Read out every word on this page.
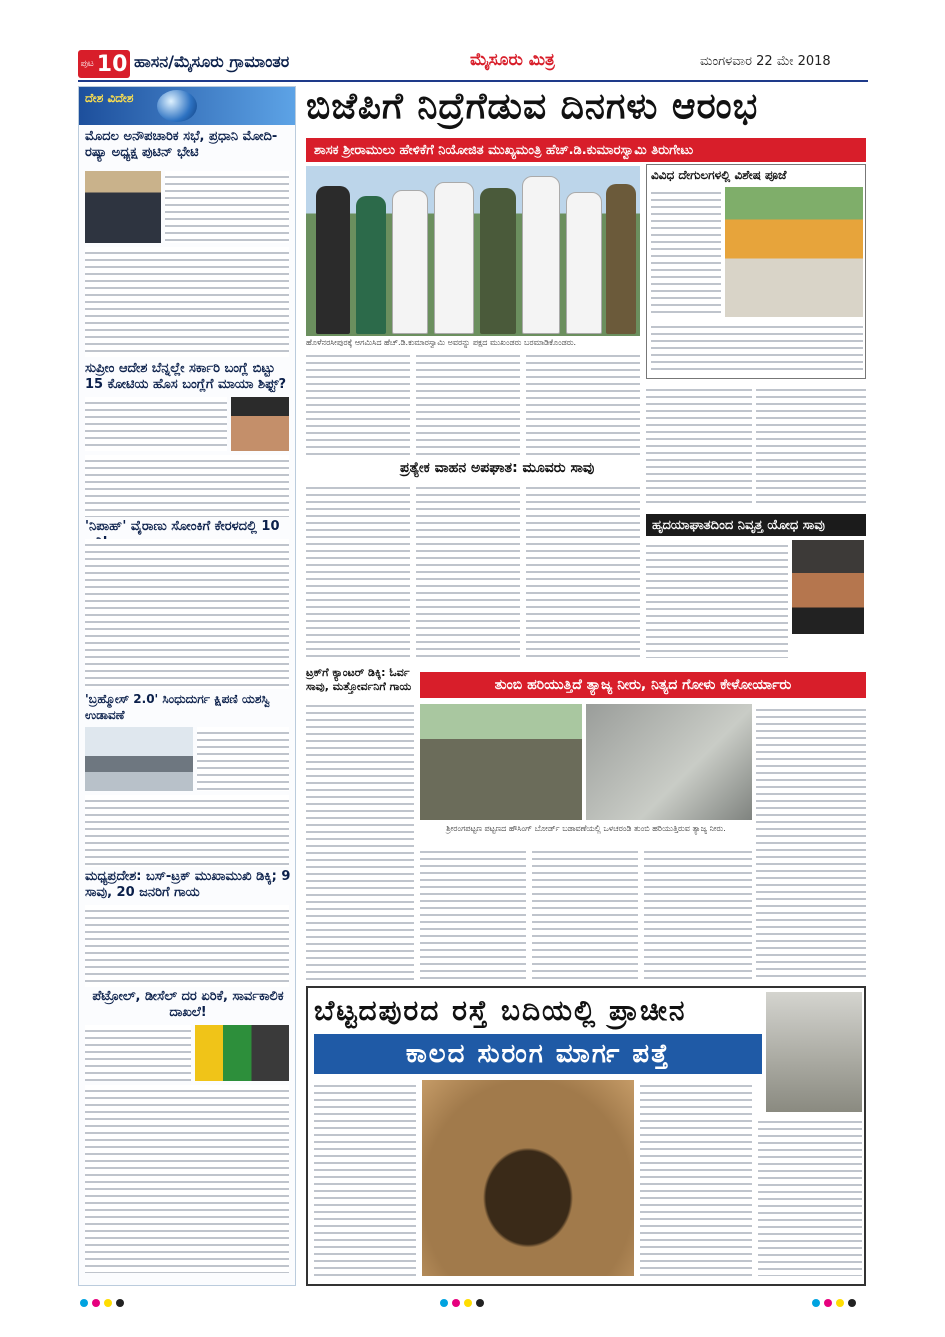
ಪುಟ 10 ಹಾಸನ/ಮೈಸೂರು ಗ್ರಾಮಾಂತರ	ಮೈಸೂರು ಮಿತ್ರ	ಮಂಗಳವಾರ 22 ಮೇ 2018
ದೇಶ ವಿದೇಶ
ಮೊದಲ ಅನೌಪಚಾರಿಕ ಸಭೆ, ಪ್ರಧಾನಿ ಮೋದಿ- ರಷ್ಯಾ ಅಧ್ಯಕ್ಷ ಪುಟಿನ್ ಭೇಟಿ
ಸುಪ್ರೀಂ ಆದೇಶ ಬೆನ್ನಲ್ಲೇ ಸರ್ಕಾರಿ ಬಂಗ್ಲೆ ಬಿಟ್ಟು 15 ಕೋಟಿಯ ಹೊಸ ಬಂಗ್ಲೆಗೆ ಮಾಯಾ ಶಿಫ್ಟ್?
'ನಿಪಾಹ್' ವೈರಾಣು ಸೋಂಕಿಗೆ ಕೇರಳದಲ್ಲಿ 10
'ಬ್ರಹ್ಮೋಸ್ 2.0' ಸಿಂಧುದುರ್ಗ ಕ್ಷಿಪಣಿ ಯಶಸ್ವಿ ಉಡಾವಣೆ
ಮಧ್ಯಪ್ರದೇಶ: ಬಸ್-ಟ್ರಕ್ ಮುಖಾಮುಖಿ ಡಿಕ್ಕಿ; 9 ಸಾವು, 20 ಜನರಿಗೆ ಗಾಯ
ಪೆಟ್ರೋಲ್, ಡೀಸೆಲ್ ದರ ಏರಿಕೆ, ಸಾರ್ವಕಾಲಿಕ ದಾಖಲೆ!
ಬಿಜೆಪಿಗೆ ನಿದ್ರೆಗೆಡುವ ದಿನಗಳು ಆರಂಭ
ಶಾಸಕ ಶ್ರೀರಾಮುಲು ಹೇಳಿಕೆಗೆ ನಿಯೋಜಿತ ಮುಖ್ಯಮಂತ್ರಿ ಹೆಚ್.ಡಿ.ಕುಮಾರಸ್ವಾಮಿ ತಿರುಗೇಟು
ಹೊಳೆನರಸೀಪುರಕ್ಕೆ ಆಗಮಿಸಿದ ಹೆಚ್.ಡಿ.ಕುಮಾರಸ್ವಾಮಿ ಅವರನ್ನು ಪಕ್ಷದ ಮುಖಂಡರು ಬರಮಾಡಿಕೊಂಡರು.
ವಿವಿಧ ದೇಗುಲಗಳಲ್ಲಿ ವಿಶೇಷ ಪೂಜೆ
ಪ್ರತ್ಯೇಕ ವಾಹನ ಅಪಘಾತ: ಮೂವರು ಸಾವು
ಹೃದಯಾಘಾತದಿಂದ ನಿವೃತ್ತ ಯೋಧ ಸಾವು
ಟ್ರಕ್‌ಗೆ ಕ್ಯಾಂಟರ್ ಡಿಕ್ಕಿ: ಓರ್ವ ಸಾವು, ಮತ್ತೋರ್ವನಿಗೆ ಗಾಯ	ತುಂಬಿ ಹರಿಯುತ್ತಿದೆ ತ್ಯಾಜ್ಯ ನೀರು, ನಿತ್ಯದ ಗೋಳು ಕೇಳೋರ್ಯಾರು
ಶ್ರೀರಂಗಪಟ್ಟಣ ಪಟ್ಟಣದ ಹೌಸಿಂಗ್ ಬೋರ್ಡ್ ಬಡಾವಣೆಯಲ್ಲಿ ಒಳಚರಂಡಿ ತುಂಬಿ ಹರಿಯುತ್ತಿರುವ ತ್ಯಾಜ್ಯ ನೀರು.
ಬೆಟ್ಟದಪುರದ ರಸ್ತೆ ಬದಿಯಲ್ಲಿ ಪ್ರಾಚೀನ
ಕಾಲದ ಸುರಂಗ ಮಾರ್ಗ ಪತ್ತೆ
